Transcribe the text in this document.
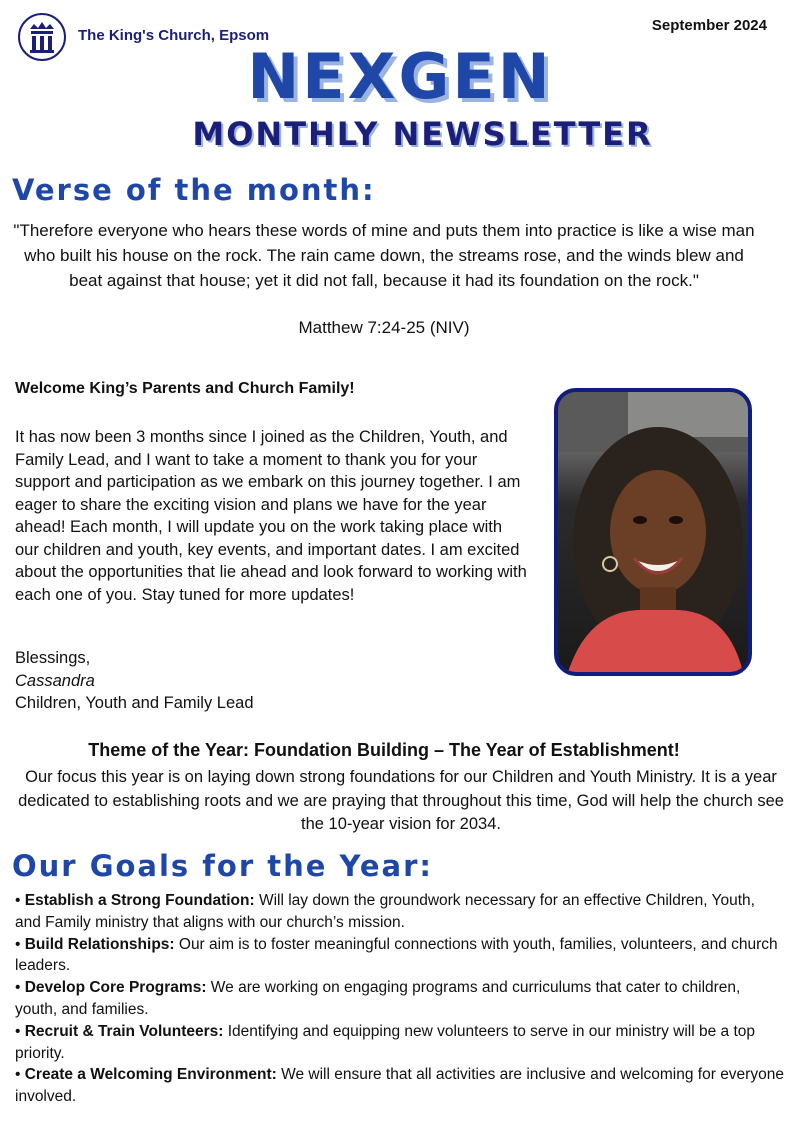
The King's Church, Epsom
September 2024
NEXGEN
MONTHLY NEWSLETTER
Verse of the month:

"Therefore everyone who hears these words of mine and puts them into practice is like a wise man who built his house on the rock. The rain came down, the streams rose, and the winds blew and beat against that house; yet it did not fall, because it had its foundation on the rock."

Matthew 7:24-25 (NIV)
Welcome King’s Parents and Church Family!

It has now been 3 months since I joined as the Children, Youth, and Family Lead, and I want to take a moment to thank you for your support and participation as we embark on this journey together. I am eager to share the exciting vision and plans we have for the year ahead! Each month, I will update you on the work taking place with our children and youth, key events, and important dates. I am excited about the opportunities that lie ahead and look forward to working with each one of you. Stay tuned for more updates!

Blessings,
Cassandra
Children, Youth and Family Lead
Theme of the Year: Foundation Building – The Year of Establishment!

Our focus this year is on laying down strong foundations for our Children and Youth Ministry. It is a year dedicated to establishing roots and we are praying that throughout this time, God will help the church see the 10-year vision for 2034.

Our Goals for the Year:
• Establish a Strong Foundation: Will lay down the groundwork necessary for an effective Children, Youth, and Family ministry that aligns with our church’s mission.
• Build Relationships: Our aim is to foster meaningful connections with youth, families, volunteers, and church leaders.
• Develop Core Programs: We are working on engaging programs and curriculums that cater to children, youth, and families.
• Recruit & Train Volunteers: Identifying and equipping new volunteers to serve in our ministry will be a top priority.
• Create a Welcoming Environment: We will ensure that all activities are inclusive and welcoming for everyone involved.
